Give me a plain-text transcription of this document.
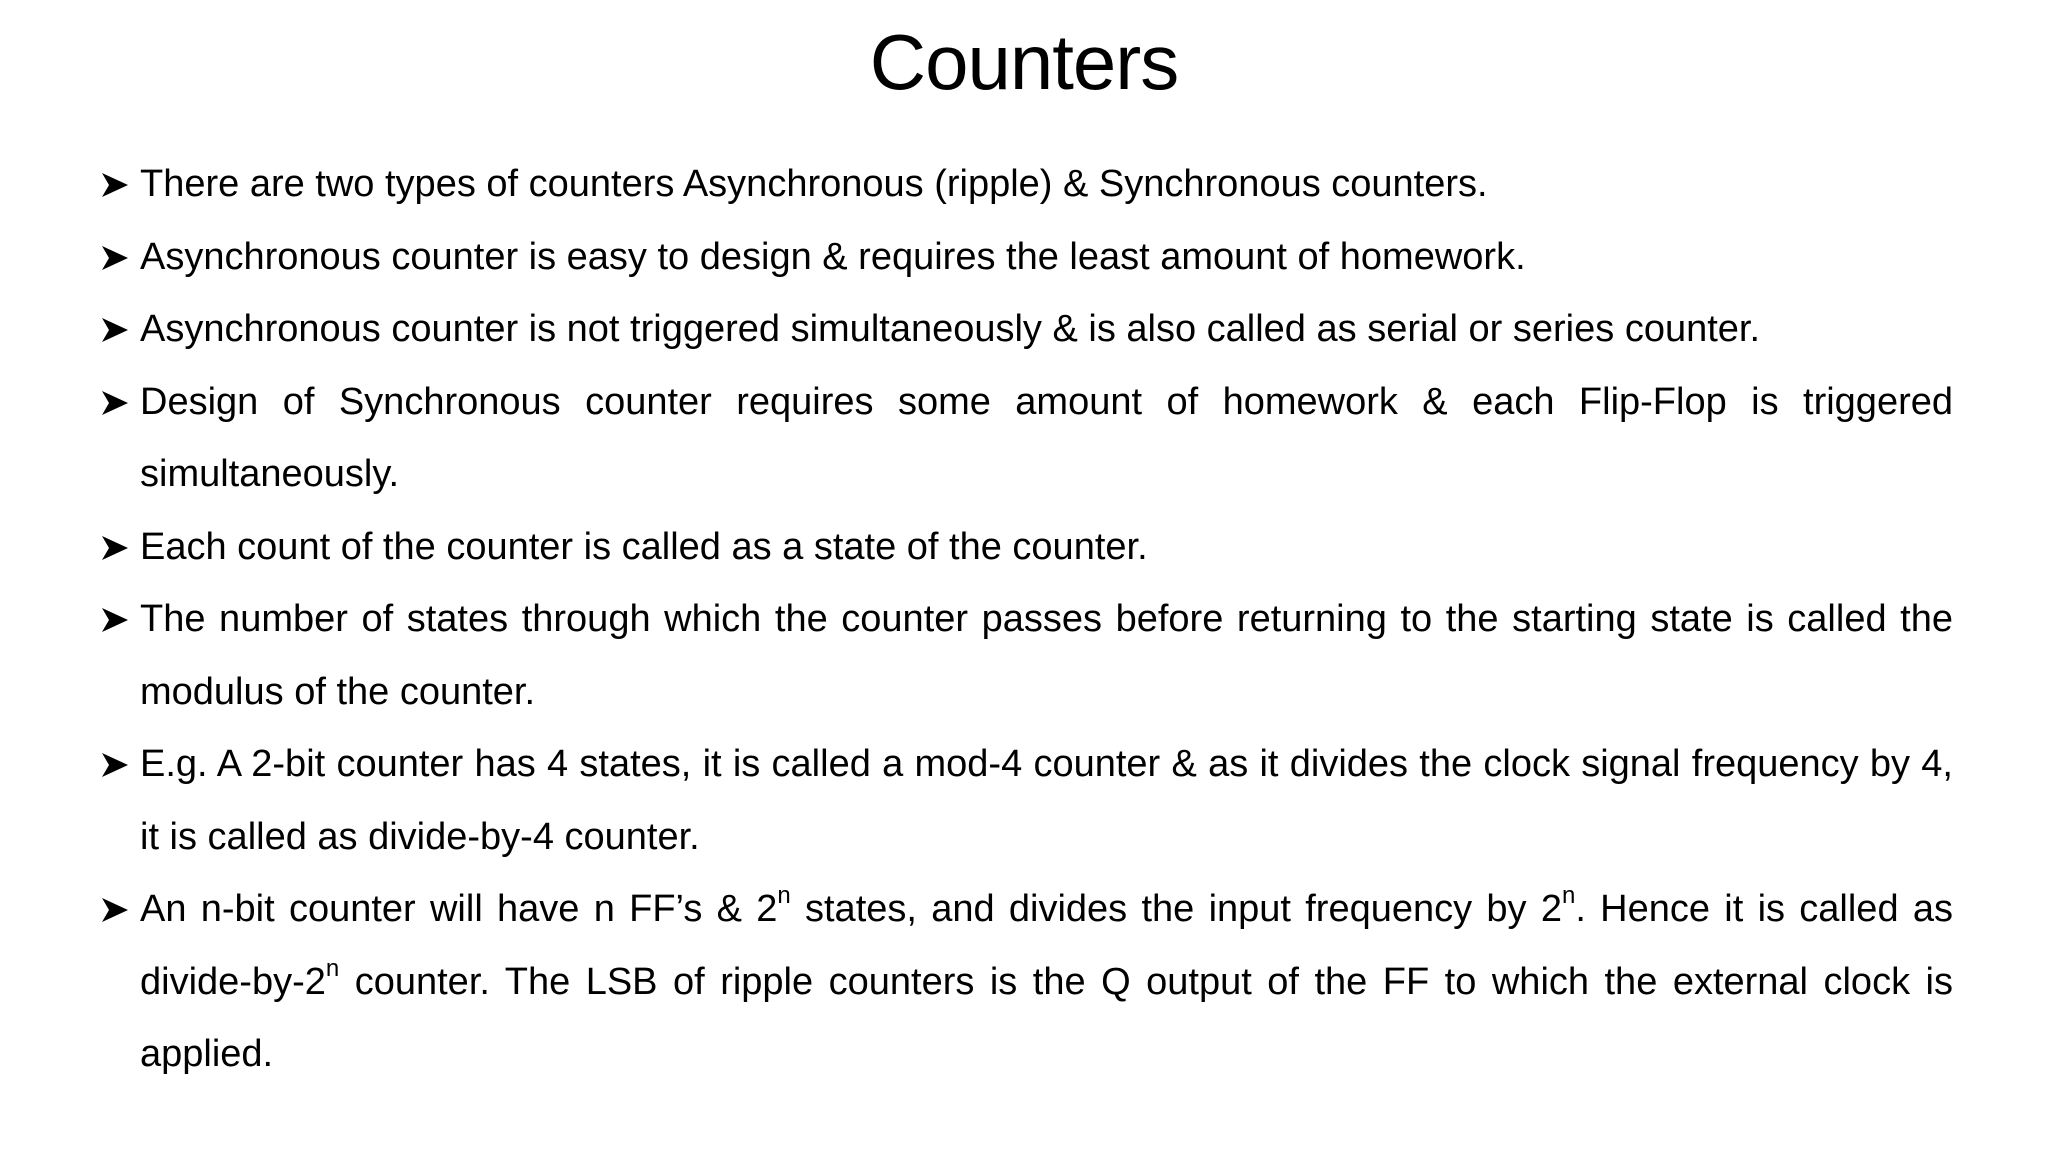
Counters
There are two types of counters Asynchronous (ripple) & Synchronous counters.
Asynchronous counter is easy to design & requires the least amount of homework.
Asynchronous counter is not triggered simultaneously & is also called as serial or series counter.
Design of Synchronous counter requires some amount of homework & each Flip-Flop is triggered simultaneously.
Each count of the counter is called as a state of the counter.
The number of states through which the counter passes before returning to the starting state is called the modulus of the counter.
E.g. A 2-bit counter has 4 states, it is called a mod-4 counter & as it divides the clock signal frequency by 4, it is called as divide-by-4 counter.
An n-bit counter will have n FF’s & 2$^n$ states, and divides the input frequency by 2$^n$. Hence it is called as divide-by-2$^n$ counter. The LSB of ripple counters is the Q output of the FF to which the external clock is applied.
